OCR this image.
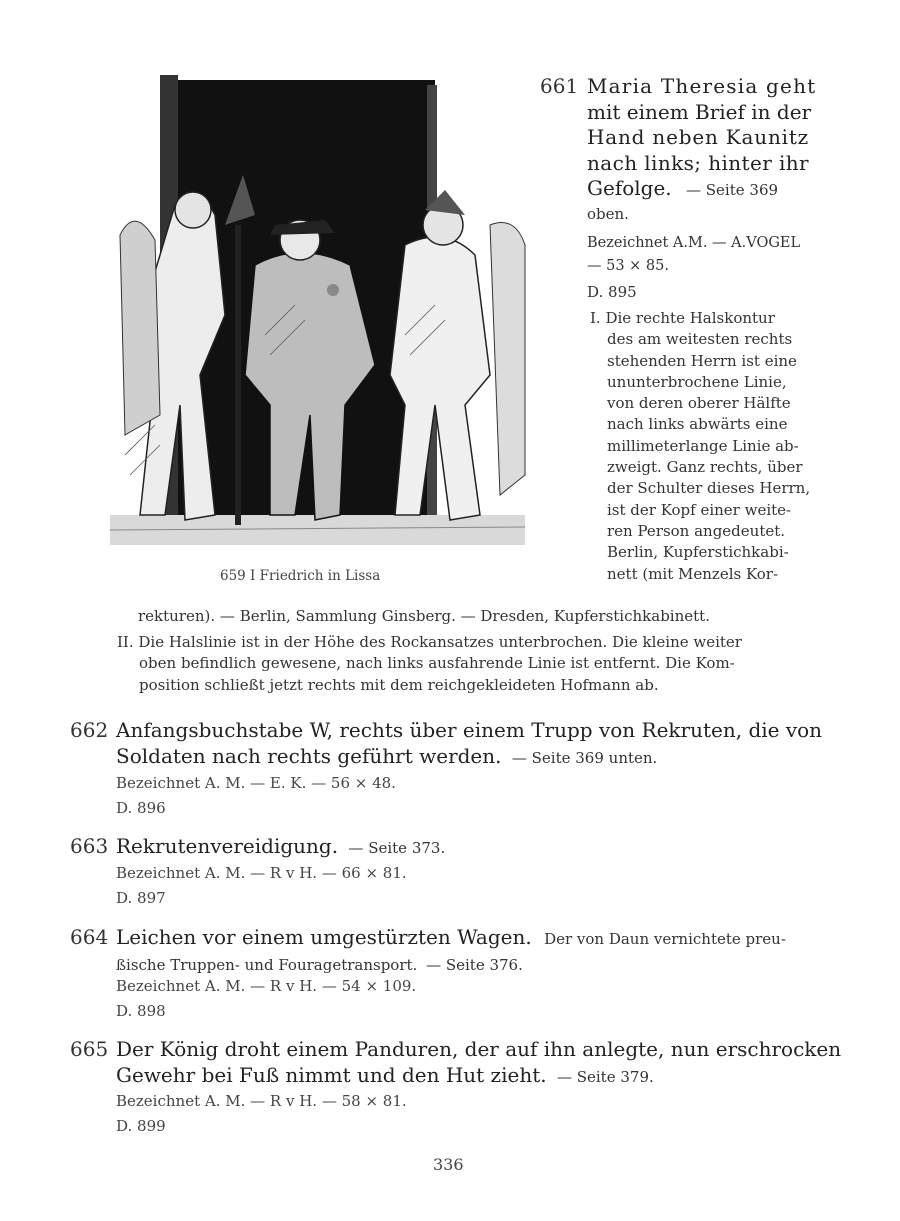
659 I Friedrich in Lissa
661 Maria Theresia geht
mit einem Brief in der
Hand neben Kaunitz
nach links; hinter ihr
Gefolge. — Seite 369
oben.
Bezeichnet A.M. — A.VOGEL
— 53 × 85.
D. 895
I. Die rechte Halskontur
des am weitesten rechts
stehenden Herrn ist eine
ununterbrochene Linie,
von deren oberer Hälfte
nach links abwärts eine
millimeterlange Linie ab-
zweigt. Ganz rechts, über
der Schulter dieses Herrn,
ist der Kopf einer weite-
ren Person angedeutet.
Berlin, Kupferstichkabi-
nett (mit Menzels Kor-
rekturen). — Berlin, Sammlung Ginsberg. — Dresden, Kupferstichkabinett.
II. Die Halslinie ist in der Höhe des Rockansatzes unterbrochen. Die kleine weiter
oben befindlich gewesene, nach links ausfahrende Linie ist entfernt. Die Kom-
position schließt jetzt rechts mit dem reichgekleideten Hofmann ab.
662 Anfangsbuchstabe W, rechts über einem Trupp von Rekruten, die von
Soldaten nach rechts geführt werden. — Seite 369 unten.
Bezeichnet A. M. — E. K. — 56 × 48.
D. 896
663 Rekrutenvereidigung. — Seite 373.
Bezeichnet A. M. — R v H. — 66 × 81.
D. 897
664 Leichen vor einem umgestürzten Wagen. Der von Daun vernichtete preu-
ßische Truppen- und Fouragetransport. — Seite 376.
Bezeichnet A. M. — R v H. — 54 × 109.
D. 898
665 Der König droht einem Panduren, der auf ihn anlegte, nun erschrocken
Gewehr bei Fuß nimmt und den Hut zieht. — Seite 379.
Bezeichnet A. M. — R v H. — 58 × 81.
D. 899
336
